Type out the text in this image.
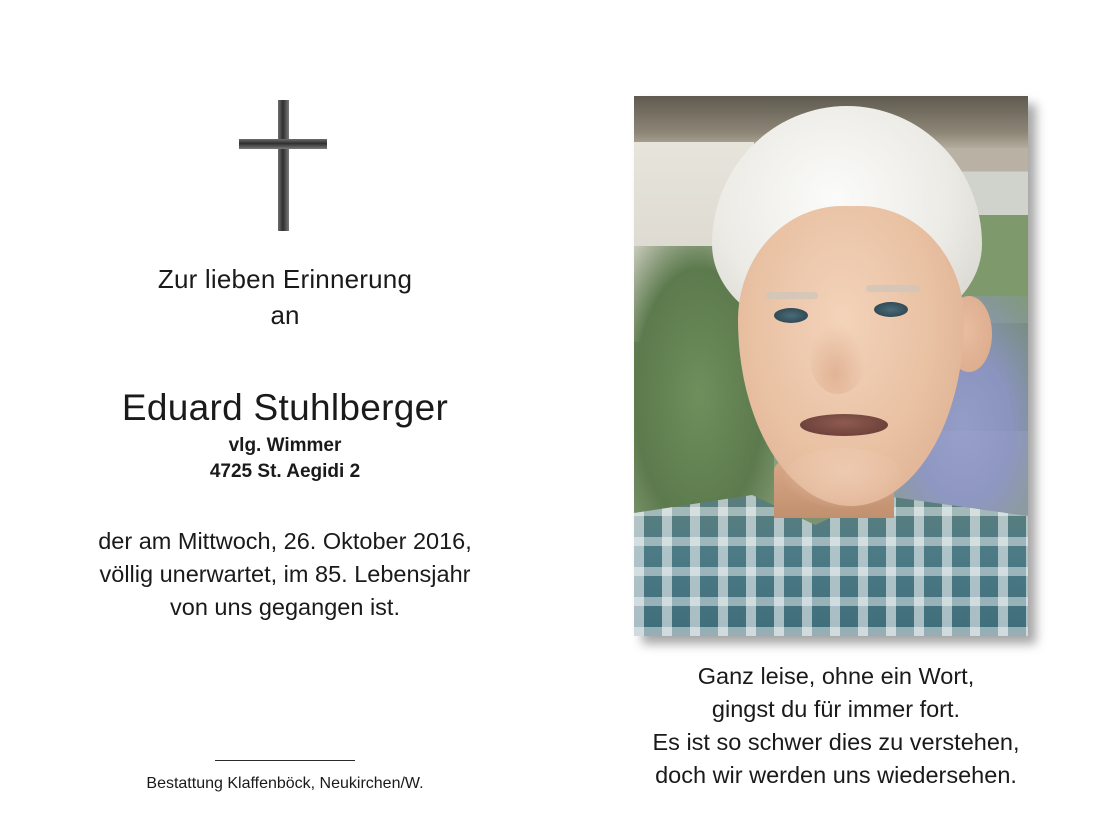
Zur lieben Erinnerung
an
Eduard Stuhlberger
vlg. Wimmer
4725 St. Aegidi 2
der am Mittwoch, 26. Oktober 2016,
völlig unerwartet, im 85. Lebensjahr
von uns gegangen ist.
Bestattung Klaffenböck, Neukirchen/W.
Ganz leise, ohne ein Wort,
gingst du für immer fort.
Es ist so schwer dies zu verstehen,
doch wir werden uns wiedersehen.
